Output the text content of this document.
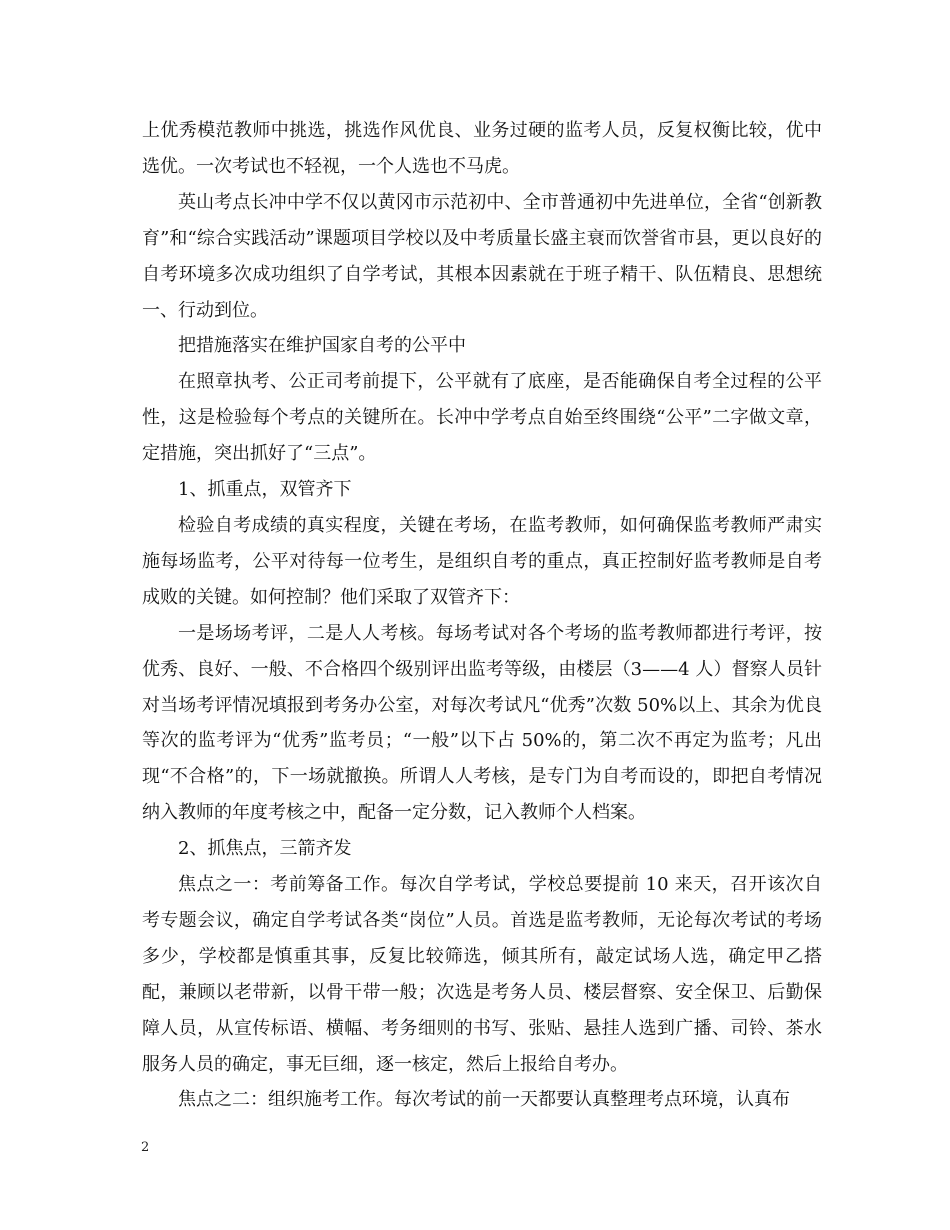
上优秀模范教师中挑选，挑选作风优良、业务过硬的监考人员，反复权衡比较，优中选优。一次考试也不轻视，一个人选也不马虎。

英山考点长冲中学不仅以黄冈市示范初中、全市普通初中先进单位，全省“创新教育”和“综合实践活动”课题项目学校以及中考质量长盛主衰而饮誉省市县，更以良好的自考环境多次成功组织了自学考试，其根本因素就在于班子精干、队伍精良、思想统一、行动到位。

把措施落实在维护国家自考的公平中

在照章执考、公正司考前提下，公平就有了底座，是否能确保自考全过程的公平性，这是检验每个考点的关键所在。长冲中学考点自始至终围绕“公平”二字做文章，定措施，突出抓好了“三点”。

1、抓重点，双管齐下

检验自考成绩的真实程度，关键在考场，在监考教师，如何确保监考教师严肃实施每场监考，公平对待每一位考生，是组织自考的重点，真正控制好监考教师是自考成败的关键。如何控制？他们采取了双管齐下：

一是场场考评，二是人人考核。每场考试对各个考场的监考教师都进行考评，按优秀、良好、一般、不合格四个级别评出监考等级，由楼层（3——4 人）督察人员针对当场考评情况填报到考务办公室，对每次考试凡“优秀”次数 50%以上、其余为优良等次的监考评为“优秀”监考员；“一般”以下占 50%的，第二次不再定为监考；凡出现“不合格”的，下一场就撤换。所谓人人考核，是专门为自考而设的，即把自考情况纳入教师的年度考核之中，配备一定分数，记入教师个人档案。

2、抓焦点，三箭齐发

焦点之一：考前筹备工作。每次自学考试，学校总要提前 10 来天，召开该次自考专题会议，确定自学考试各类“岗位”人员。首选是监考教师，无论每次考试的考场多少，学校都是慎重其事，反复比较筛选，倾其所有，敲定试场人选，确定甲乙搭配，兼顾以老带新，以骨干带一般；次选是考务人员、楼层督察、安全保卫、后勤保障人员，从宣传标语、横幅、考务细则的书写、张贴、悬挂人选到广播、司铃、茶水服务人员的确定，事无巨细，逐一核定，然后上报给自考办。

焦点之二：组织施考工作。每次考试的前一天都要认真整理考点环境，认真布

2
